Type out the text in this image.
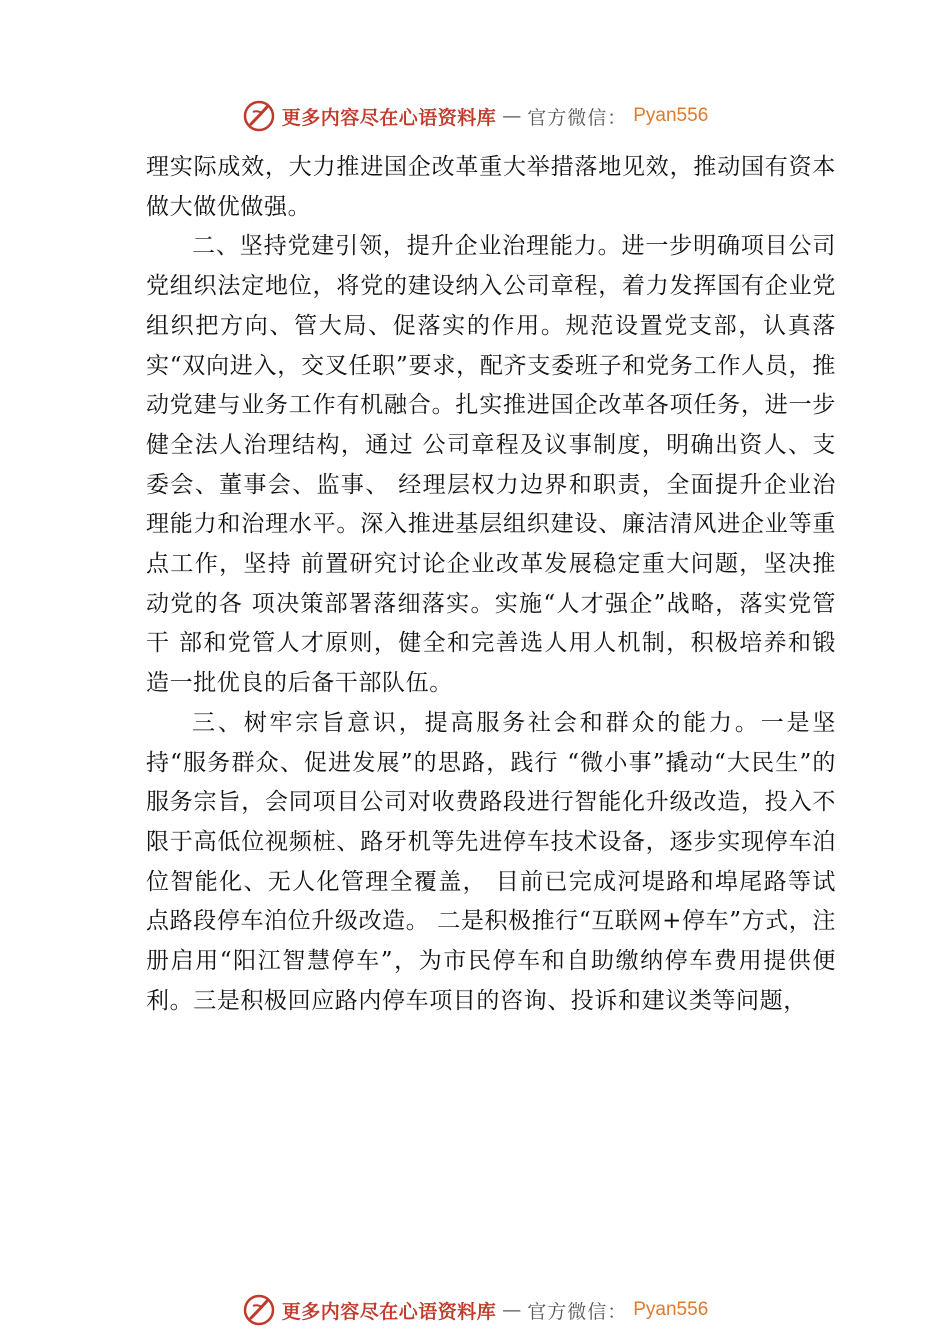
更多内容尽在心语资料库 — 官方微信： Pyan556

理实际成效，大力推进国企改革重大举措落地见效，推动国有资本做大做优做强。

二、坚持党建引领，提升企业治理能力。进一步明确项目公司党组织法定地位，将党的建设纳入公司章程，着力发挥国有企业党组织把方向、管大局、促落实的作用。规范设置党支部，认真落实“双向进入，交叉任职”要求，配齐支委班子和党务工作人员，推动党建与业务工作有机融合。扎实推进国企改革各项任务，进一步健全法人治理结构，通过 公司章程及议事制度，明确出资人、支委会、董事会、监事、 经理层权力边界和职责，全面提升企业治理能力和治理水平。深入推进基层组织建设、廉洁清风进企业等重点工作，坚持 前置研究讨论企业改革发展稳定重大问题，坚决推动党的各 项决策部署落细落实。实施“人才强企”战略，落实党管干 部和党管人才原则，健全和完善选人用人机制，积极培养和锻造一批优良的后备干部队伍。

三、树牢宗旨意识，提高服务社会和群众的能力。一是坚持“服务群众、促进发展”的思路，践行 “微小事”撬动“大民生”的服务宗旨，会同项目公司对收费路段进行智能化升级改造，投入不限于高低位视频桩、路牙机等先进停车技术设备，逐步实现停车泊位智能化、无人化管理全覆盖， 目前已完成河堤路和埠尾路等试点路段停车泊位升级改造。 二是积极推行“互联网+停车”方式，注册启用“阳江智慧停车”，为市民停车和自助缴纳停车费用提供便利。三是积极回应路内停车项目的咨询、投诉和建议类等问题，

更多内容尽在心语资料库 — 官方微信： Pyan556
